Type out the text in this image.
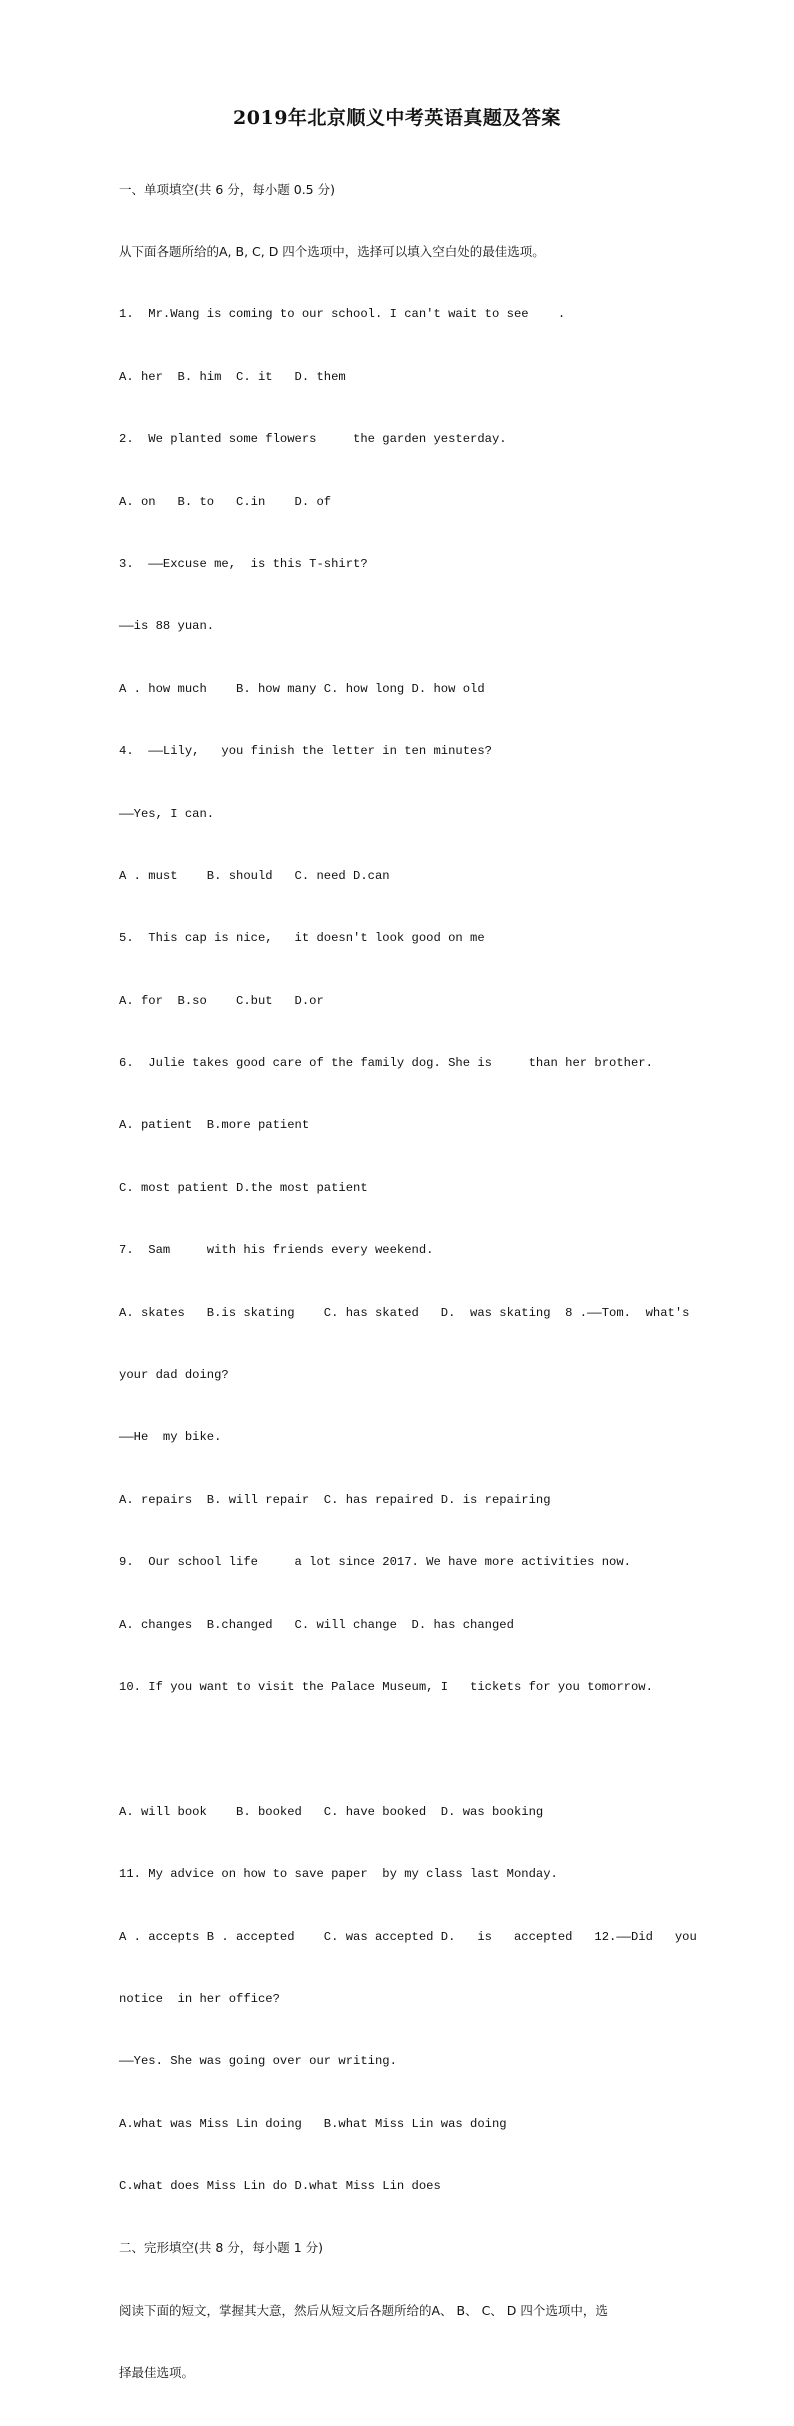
2019年北京顺义中考英语真题及答案

一、单项填空(共 6 分，每小题 0.5 分)

从下面各题所给的A, B, C, D 四个选项中，选择可以填入空白处的最佳选项。

1.  Mr.Wang is coming to our school. I can't wait to see    .

A. her  B. him  C. it   D. them

2.  We planted some flowers     the garden yesterday.

A. on   B. to   C.in    D. of

3.  ——Excuse me,  is this T-shirt?

——is 88 yuan.

A . how much    B. how many C. how long D. how old

4.  ——Lily,   you finish the letter in ten minutes?

——Yes, I can.

A . must    B. should   C. need D.can

5.  This cap is nice,   it doesn't look good on me

A. for  B.so    C.but   D.or

6.  Julie takes good care of the family dog. She is     than her brother.

A. patient  B.more patient

C. most patient D.the most patient

7.  Sam     with his friends every weekend.

A. skates   B.is skating    C. has skated   D.  was skating  8 .——Tom.  what's

your dad doing?

——He  my bike.

A. repairs  B. will repair  C. has repaired D. is repairing

9.  Our school life     a lot since 2017. We have more activities now.

A. changes  B.changed   C. will change  D. has changed

10. If you want to visit the Palace Museum, I   tickets for you tomorrow.

A. will book    B. booked   C. have booked  D. was booking

11. My advice on how to save paper  by my class last Monday.

A . accepts B . accepted    C. was accepted D.   is   accepted   12.——Did   you

notice  in her office?

——Yes. She was going over our writing.

A.what was Miss Lin doing   B.what Miss Lin was doing

C.what does Miss Lin do D.what Miss Lin does

二、完形填空(共 8 分，每小题 1 分)

阅读下面的短文，掌握其大意，然后从短文后各题所给的A、 B、 C、 D 四个选项中，选

择最佳选项。
